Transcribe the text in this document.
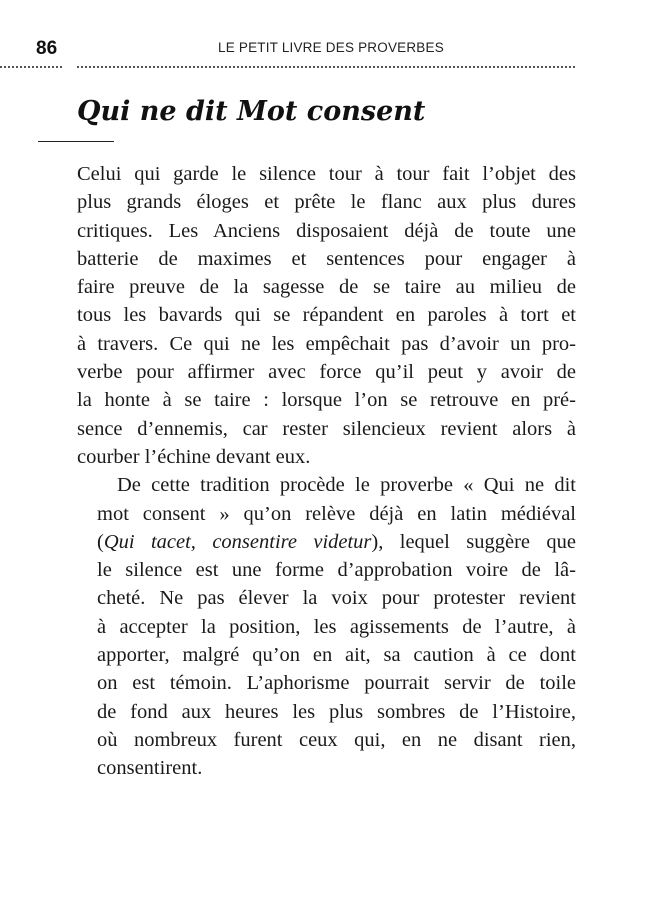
86	LE PETIT LIVRE DES PROVERBES
Qui ne dit Mot consent

Celui qui garde le silence tour à tour fait l’objet des
plus grands éloges et prête le flanc aux plus dures
critiques. Les Anciens disposaient déjà de toute une
batterie de maximes et sentences pour engager à
faire preuve de la sagesse de se taire au milieu de
tous les bavards qui se répandent en paroles à tort et
à travers. Ce qui ne les empêchait pas d’avoir un pro-
verbe pour affirmer avec force qu’il peut y avoir de
la honte à se taire : lorsque l’on se retrouve en pré-
sence d’ennemis, car rester silencieux revient alors à
courber l’échine devant eux.

De cette tradition procède le proverbe « Qui ne dit
mot consent » qu’on relève déjà en latin médiéval
(Qui tacet, consentire videtur), lequel suggère que
le silence est une forme d’approbation voire de lâ-
cheté. Ne pas élever la voix pour protester revient
à accepter la position, les agissements de l’autre, à
apporter, malgré qu’on en ait, sa caution à ce dont
on est témoin. L’aphorisme pourrait servir de toile
de fond aux heures les plus sombres de l’Histoire,
où nombreux furent ceux qui, en ne disant rien,
consentirent.
